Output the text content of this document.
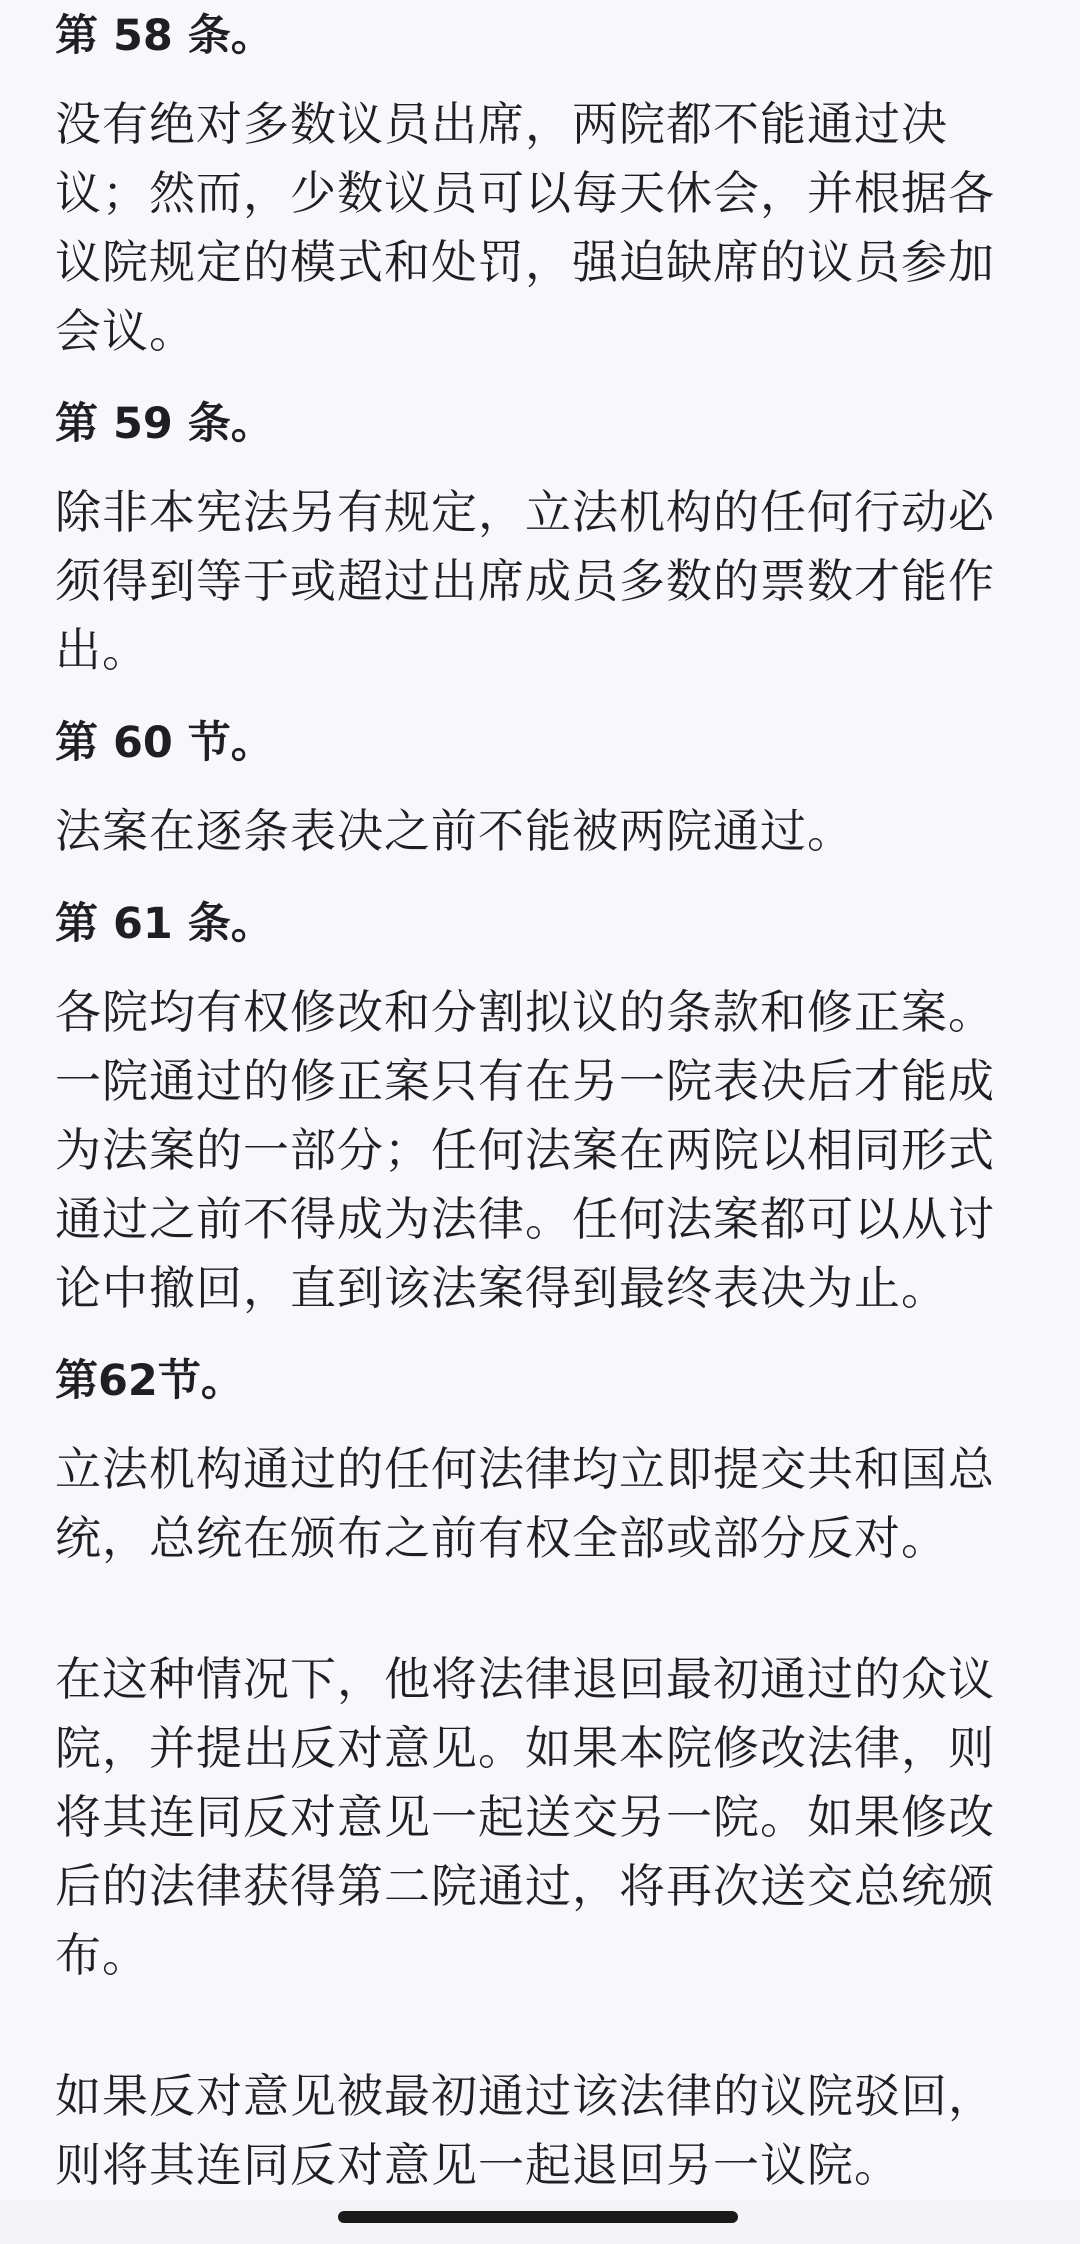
第 58 条。
没有绝对多数议员出席，两院都不能通过决议；然而，少数议员可以每天休会，并根据各议院规定的模式和处罚，强迫缺席的议员参加会议。
第 59 条。
除非本宪法另有规定，立法机构的任何行动必须得到等于或超过出席成员多数的票数才能作出。
第 60 节。
法案在逐条表决之前不能被两院通过。
第 61 条。
各院均有权修改和分割拟议的条款和修正案。一院通过的修正案只有在另一院表决后才能成为法案的一部分；任何法案在两院以相同形式通过之前不得成为法律。任何法案都可以从讨论中撤回，直到该法案得到最终表决为止。
第62节。
立法机构通过的任何法律均立即提交共和国总统，总统在颁布之前有权全部或部分反对。
在这种情况下，他将法律退回最初通过的众议院，并提出反对意见。如果本院修改法律，则将其连同反对意见一起送交另一院。如果修改后的法律获得第二院通过，将再次送交总统颁布。
如果反对意见被最初通过该法律的议院驳回，则将其连同反对意见一起退回另一议院。
